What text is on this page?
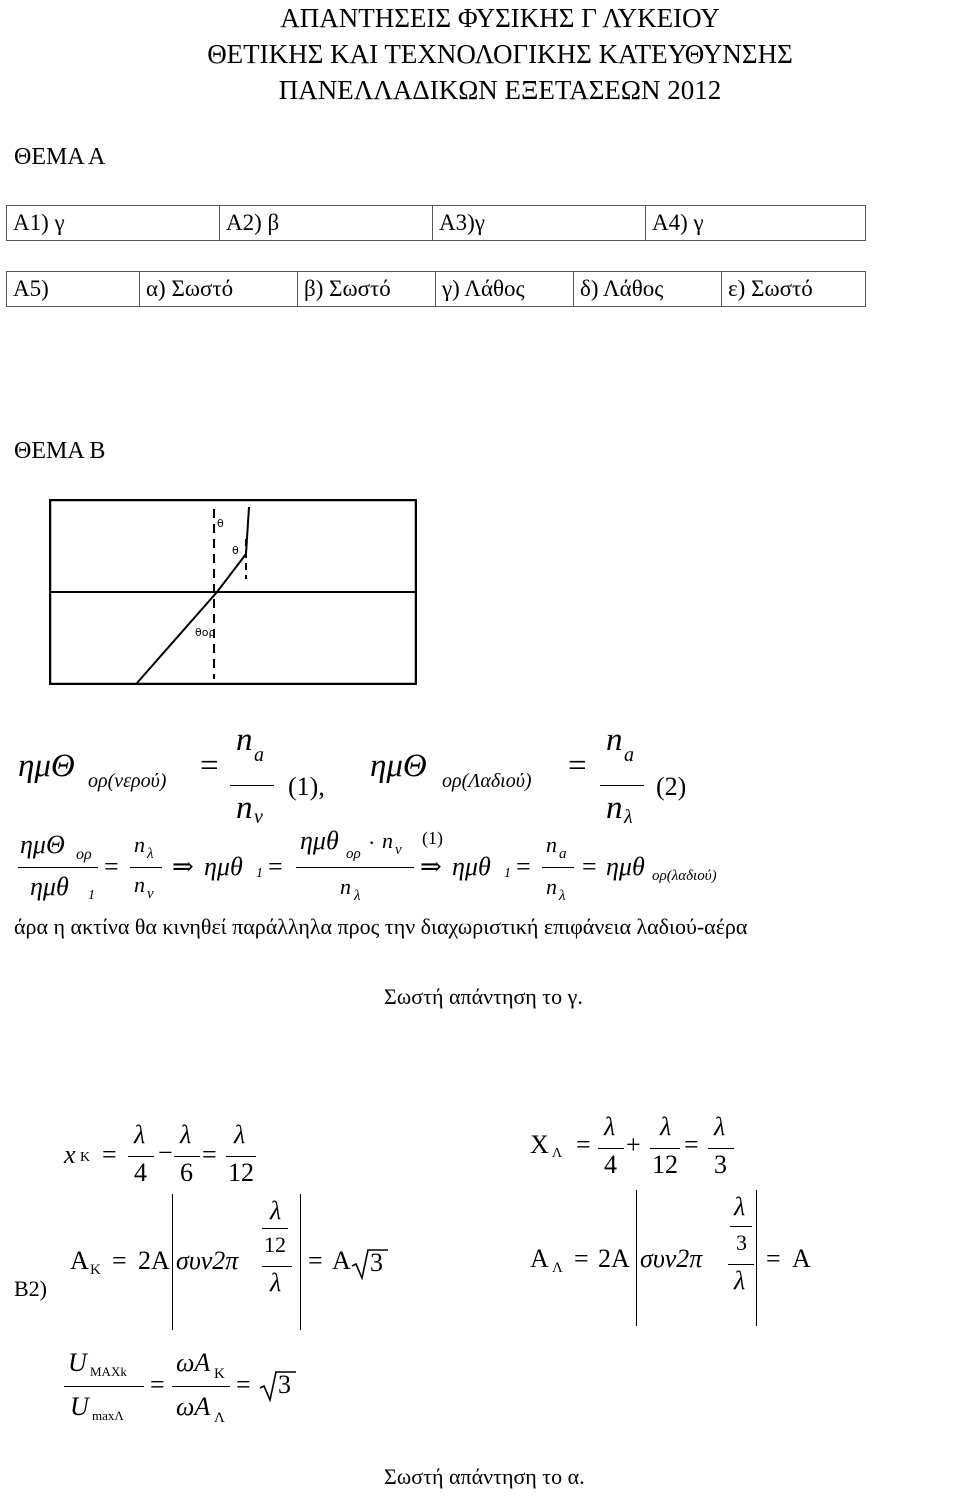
ΑΠΑΝΤΗΣΕΙΣ ΦΥΣΙΚΗΣ Γ ΛΥΚΕΙΟΥ
ΘΕΤΙΚΗΣ ΚΑΙ ΤΕΧΝΟΛΟΓΙΚΗΣ ΚΑΤΕΥΘΥΝΣΗΣ
ΠΑΝΕΛΛΑΔΙΚΩΝ ΕΞΕΤΑΣΕΩΝ 2012
ΘΕΜΑ Α
Α1) γ	Α2) β	Α3)γ	Α4) γ
Α5)	α) Σωστό	β) Σωστό	γ) Λάθος	δ) Λάθος	ε) Σωστό
ΘΕΜΑ Β
θ
θ
θορ
ημΘ ορ(νερού) =
n a
n ν
(1),
ημΘ ορ(Λαδιού) =
n a
n λ
(2)
ημΘ ορ
ημθ 1
=
n λ
n ν
⇒ ημθ 1 =
ημθ ορ · n ν
n λ
(1)
⇒ ημθ 1 =
n a
n λ
= ημθ ορ(λαδιού)
άρα η ακτίνα θα κινηθεί παράλληλα προς την διαχωριστική επιφάνεια λαδιού-αέρα
Σωστή απάντηση το γ.
x K =
λ
4
−
λ
6
=
λ
12
X Λ =
λ
4
+
λ
12
=
λ
3
Β2)
Α K = 2Α συν2π
λ
12
λ
= Α 3	Α Λ = 2Α συν2π
λ
3
λ
= Α
U MAXk
U maxΛ
=
ωΑ K
ωΑ Λ
= 3
Σωστή απάντηση το α.
